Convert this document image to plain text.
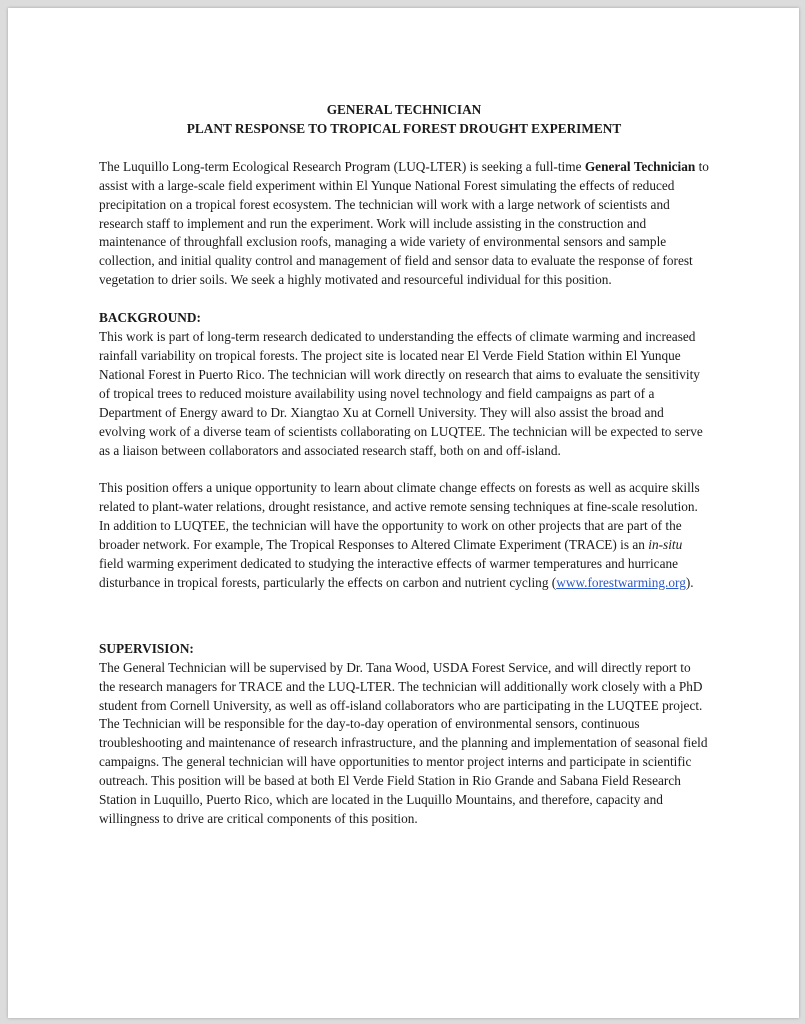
GENERAL TECHNICIAN
PLANT RESPONSE TO TROPICAL FOREST DROUGHT EXPERIMENT

The Luquillo Long-term Ecological Research Program (LUQ-LTER) is seeking a full-time General Technician to assist with a large-scale field experiment within El Yunque National Forest simulating the effects of reduced precipitation on a tropical forest ecosystem. The technician will work with a large network of scientists and research staff to implement and run the experiment. Work will include assisting in the construction and maintenance of throughfall exclusion roofs, managing a wide variety of environmental sensors and sample collection, and initial quality control and management of field and sensor data to evaluate the response of forest vegetation to drier soils. We seek a highly motivated and resourceful individual for this position.

BACKGROUND:

This work is part of long-term research dedicated to understanding the effects of climate warming and increased rainfall variability on tropical forests. The project site is located near El Verde Field Station within El Yunque National Forest in Puerto Rico. The technician will work directly on research that aims to evaluate the sensitivity of tropical trees to reduced moisture availability using novel technology and field campaigns as part of a Department of Energy award to Dr. Xiangtao Xu at Cornell University. They will also assist the broad and evolving work of a diverse team of scientists collaborating on LUQTEE. The technician will be expected to serve as a liaison between collaborators and associated research staff, both on and off-island.

This position offers a unique opportunity to learn about climate change effects on forests as well as acquire skills related to plant-water relations, drought resistance, and active remote sensing techniques at fine-scale resolution. In addition to LUQTEE, the technician will have the opportunity to work on other projects that are part of the broader network. For example, The Tropical Responses to Altered Climate Experiment (TRACE) is an in-situ field warming experiment dedicated to studying the interactive effects of warmer temperatures and hurricane disturbance in tropical forests, particularly the effects on carbon and nutrient cycling (www.forestwarming.org).

SUPERVISION:

The General Technician will be supervised by Dr. Tana Wood, USDA Forest Service, and will directly report to the research managers for TRACE and the LUQ-LTER. The technician will additionally work closely with a PhD student from Cornell University, as well as off-island collaborators who are participating in the LUQTEE project. The Technician will be responsible for the day-to-day operation of environmental sensors, continuous troubleshooting and maintenance of research infrastructure, and the planning and implementation of seasonal field campaigns. The general technician will have opportunities to mentor project interns and participate in scientific outreach. This position will be based at both El Verde Field Station in Rio Grande and Sabana Field Research Station in Luquillo, Puerto Rico, which are located in the Luquillo Mountains, and therefore, capacity and willingness to drive are critical components of this position.
